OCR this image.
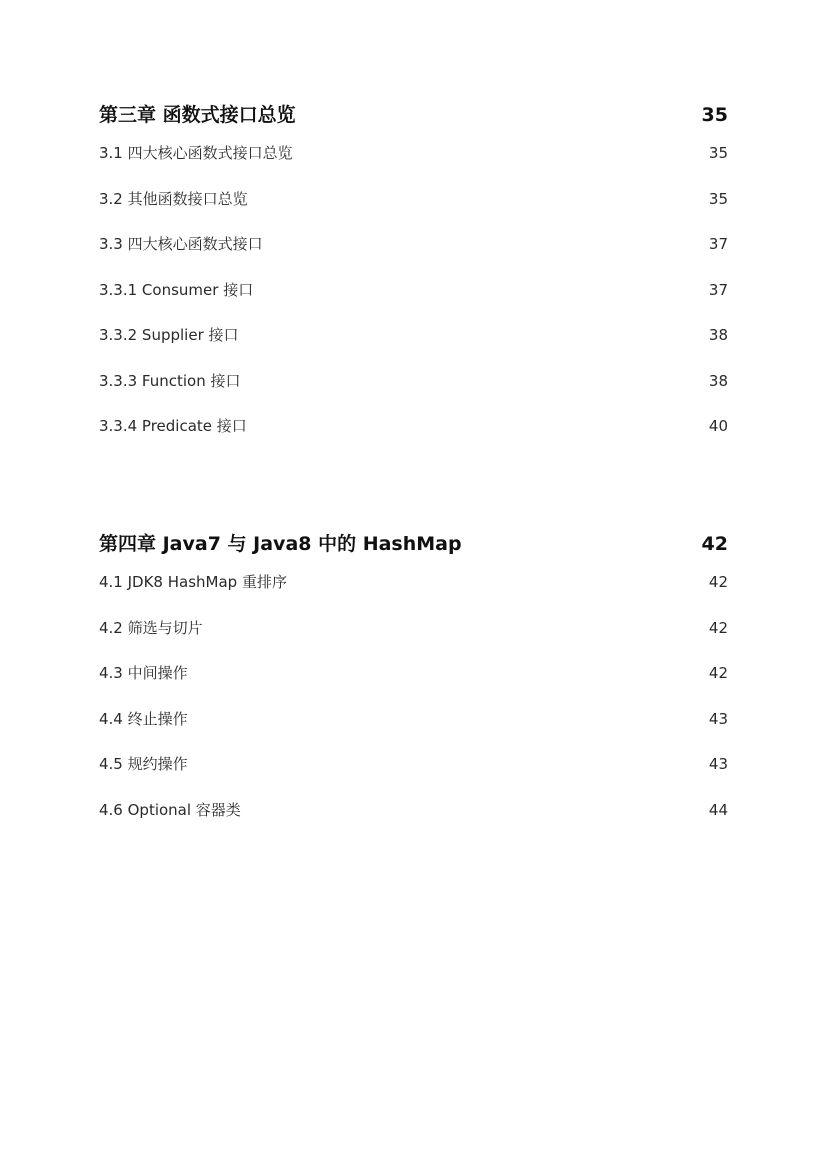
第三章 函数式接口总览	35
3.1 四大核心函数式接口总览	35
3.2 其他函数接口总览	35
3.3 四大核心函数式接口	37
3.3.1 Consumer 接口	37
3.3.2 Supplier 接口	38
3.3.3 Function 接口	38
3.3.4 Predicate 接口	40
第四章 Java7 与 Java8 中的 HashMap	42
4.1 JDK8 HashMap 重排序	42
4.2 筛选与切片	42
4.3 中间操作	42
4.4 终止操作	43
4.5 规约操作	43
4.6 Optional 容器类	44
